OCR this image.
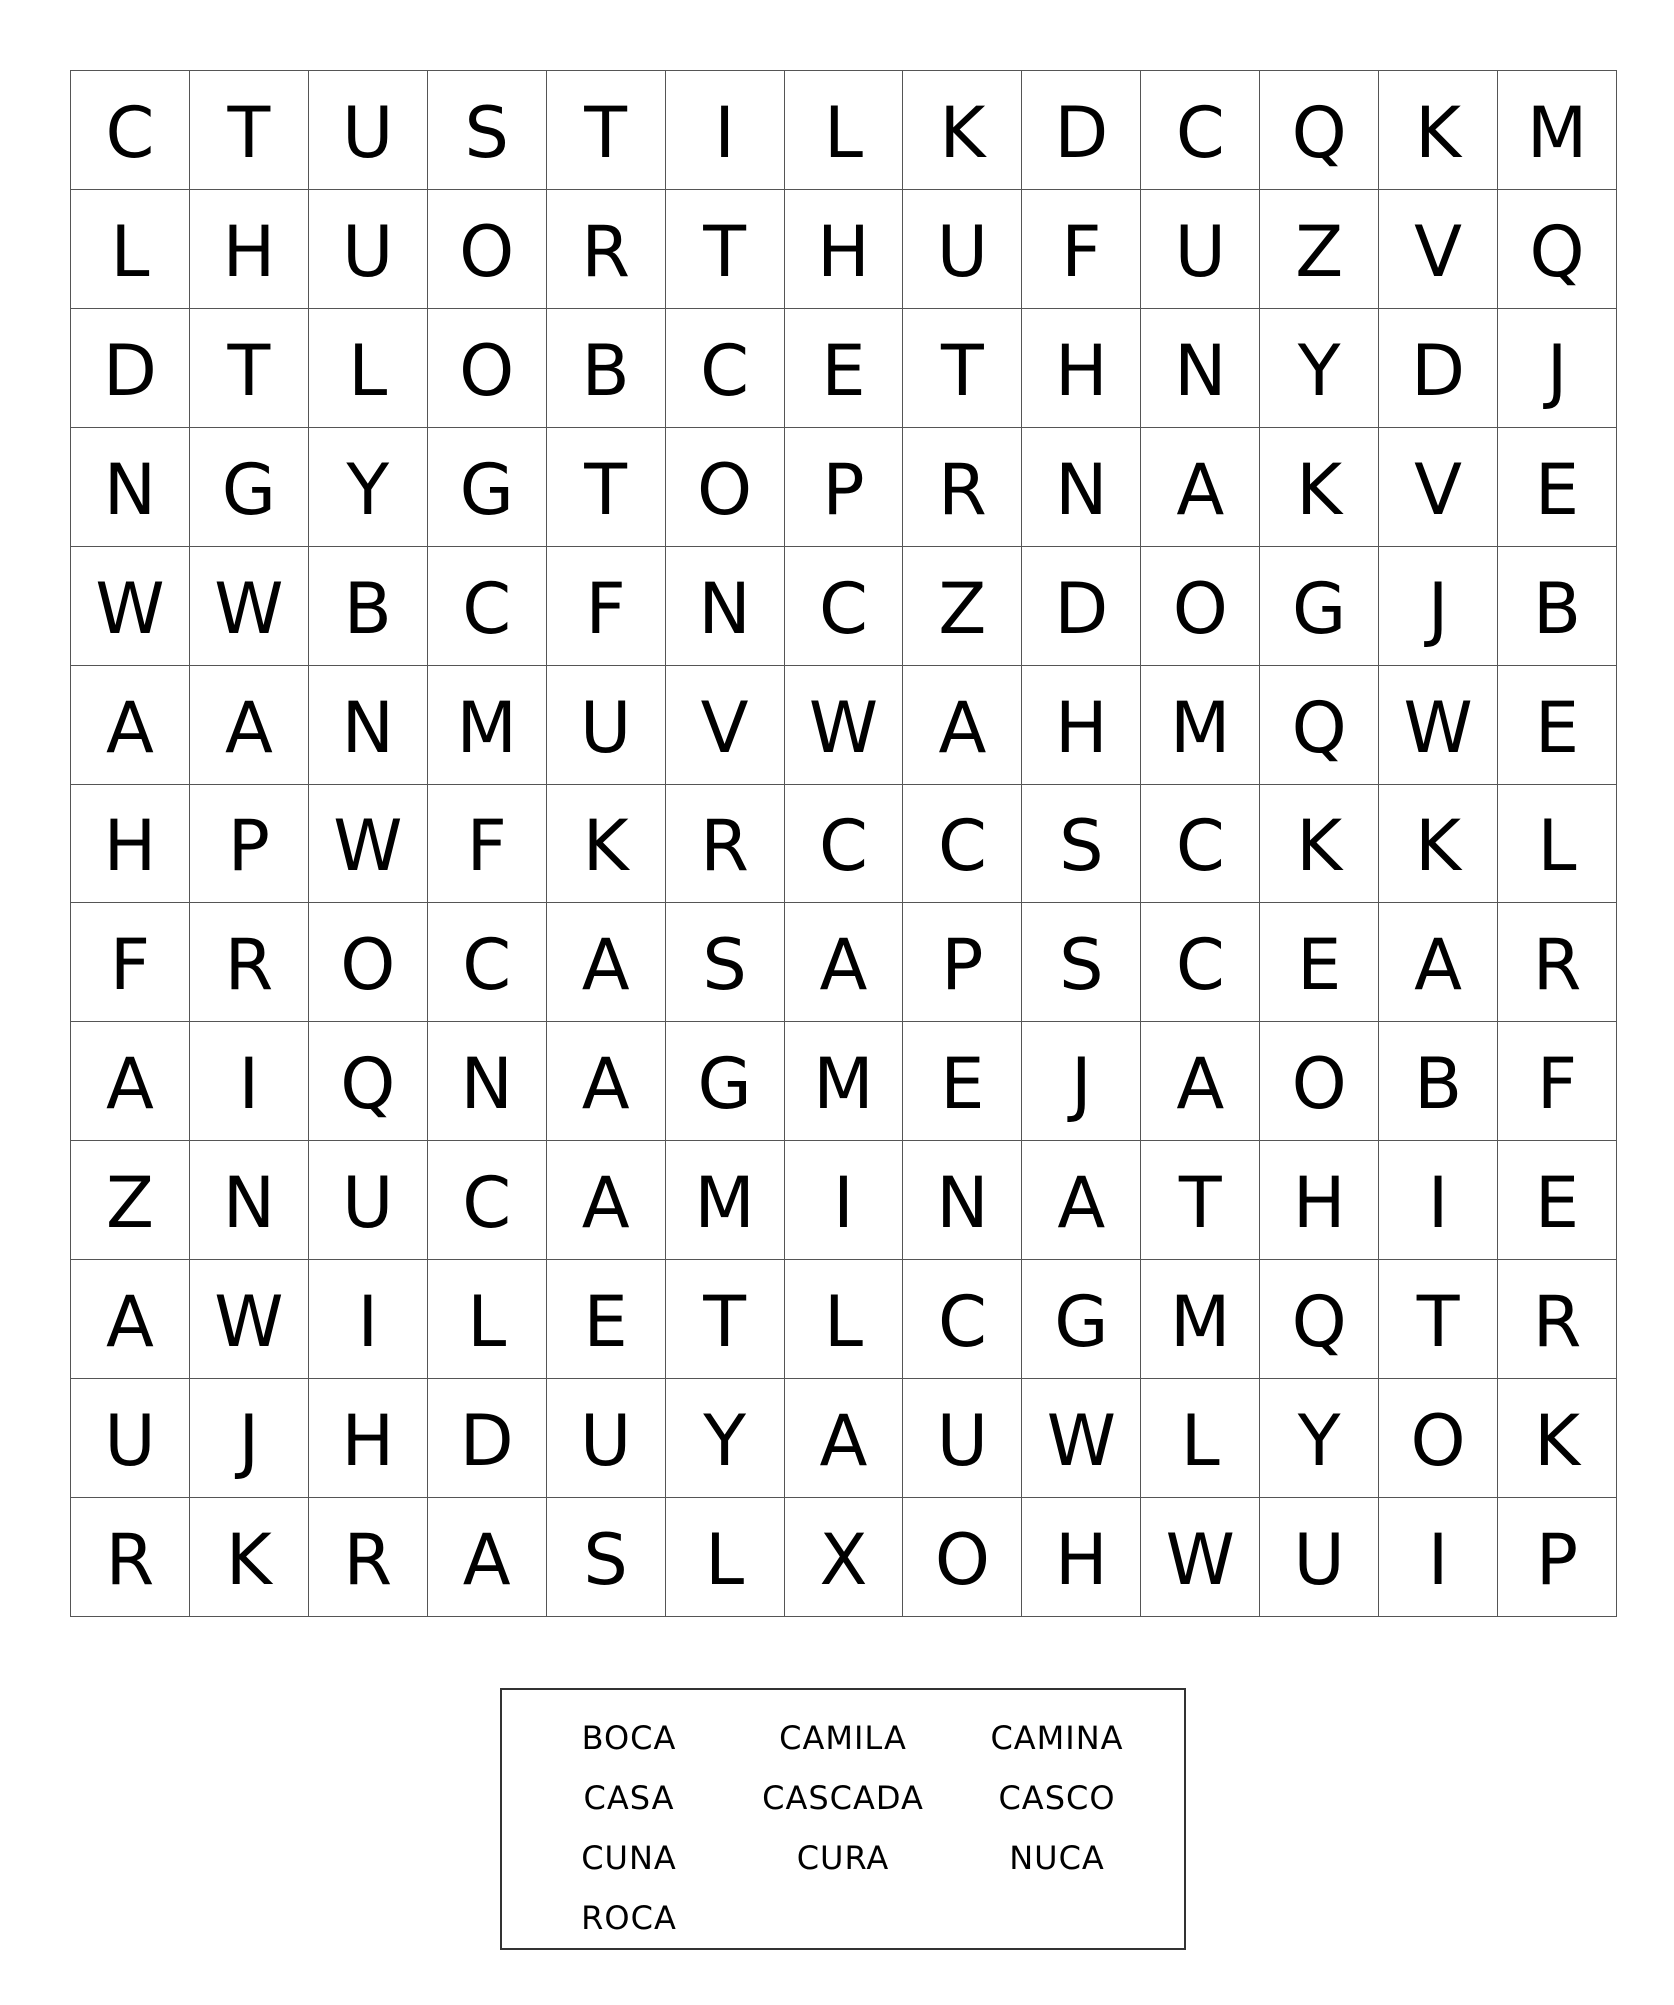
C	T	U	S	T	I	L	K D C Q K M
L	H U O R	T	H U	F	U Z	V Q
D	T	L	O B	C	E	T	H N	Y	D	J
N G	Y	G	T O	P	R N A	K	V	E
W W B	C	F	N C	Z D O G	J	B
A	A N M U V W A H M Q W E
H	P W F	K	R	C	C	S	C	K	K	L
F	R O C	A	S	A	P	S	C	E	A	R
A	I	Q N A G M E	J	A O B	F
Z N U C	A M	I	N A	T	H	I	E
A W	I	L	E	T	L	C G M Q T	R
U	J	H D U	Y	A U W L	Y O K
R	K	R	A	S	L	X O H W U	I	P
BOCA	CAMILA	CAMINA
CASA	CASCADA	CASCO
CUNA	CURA	NUCA
ROCA
